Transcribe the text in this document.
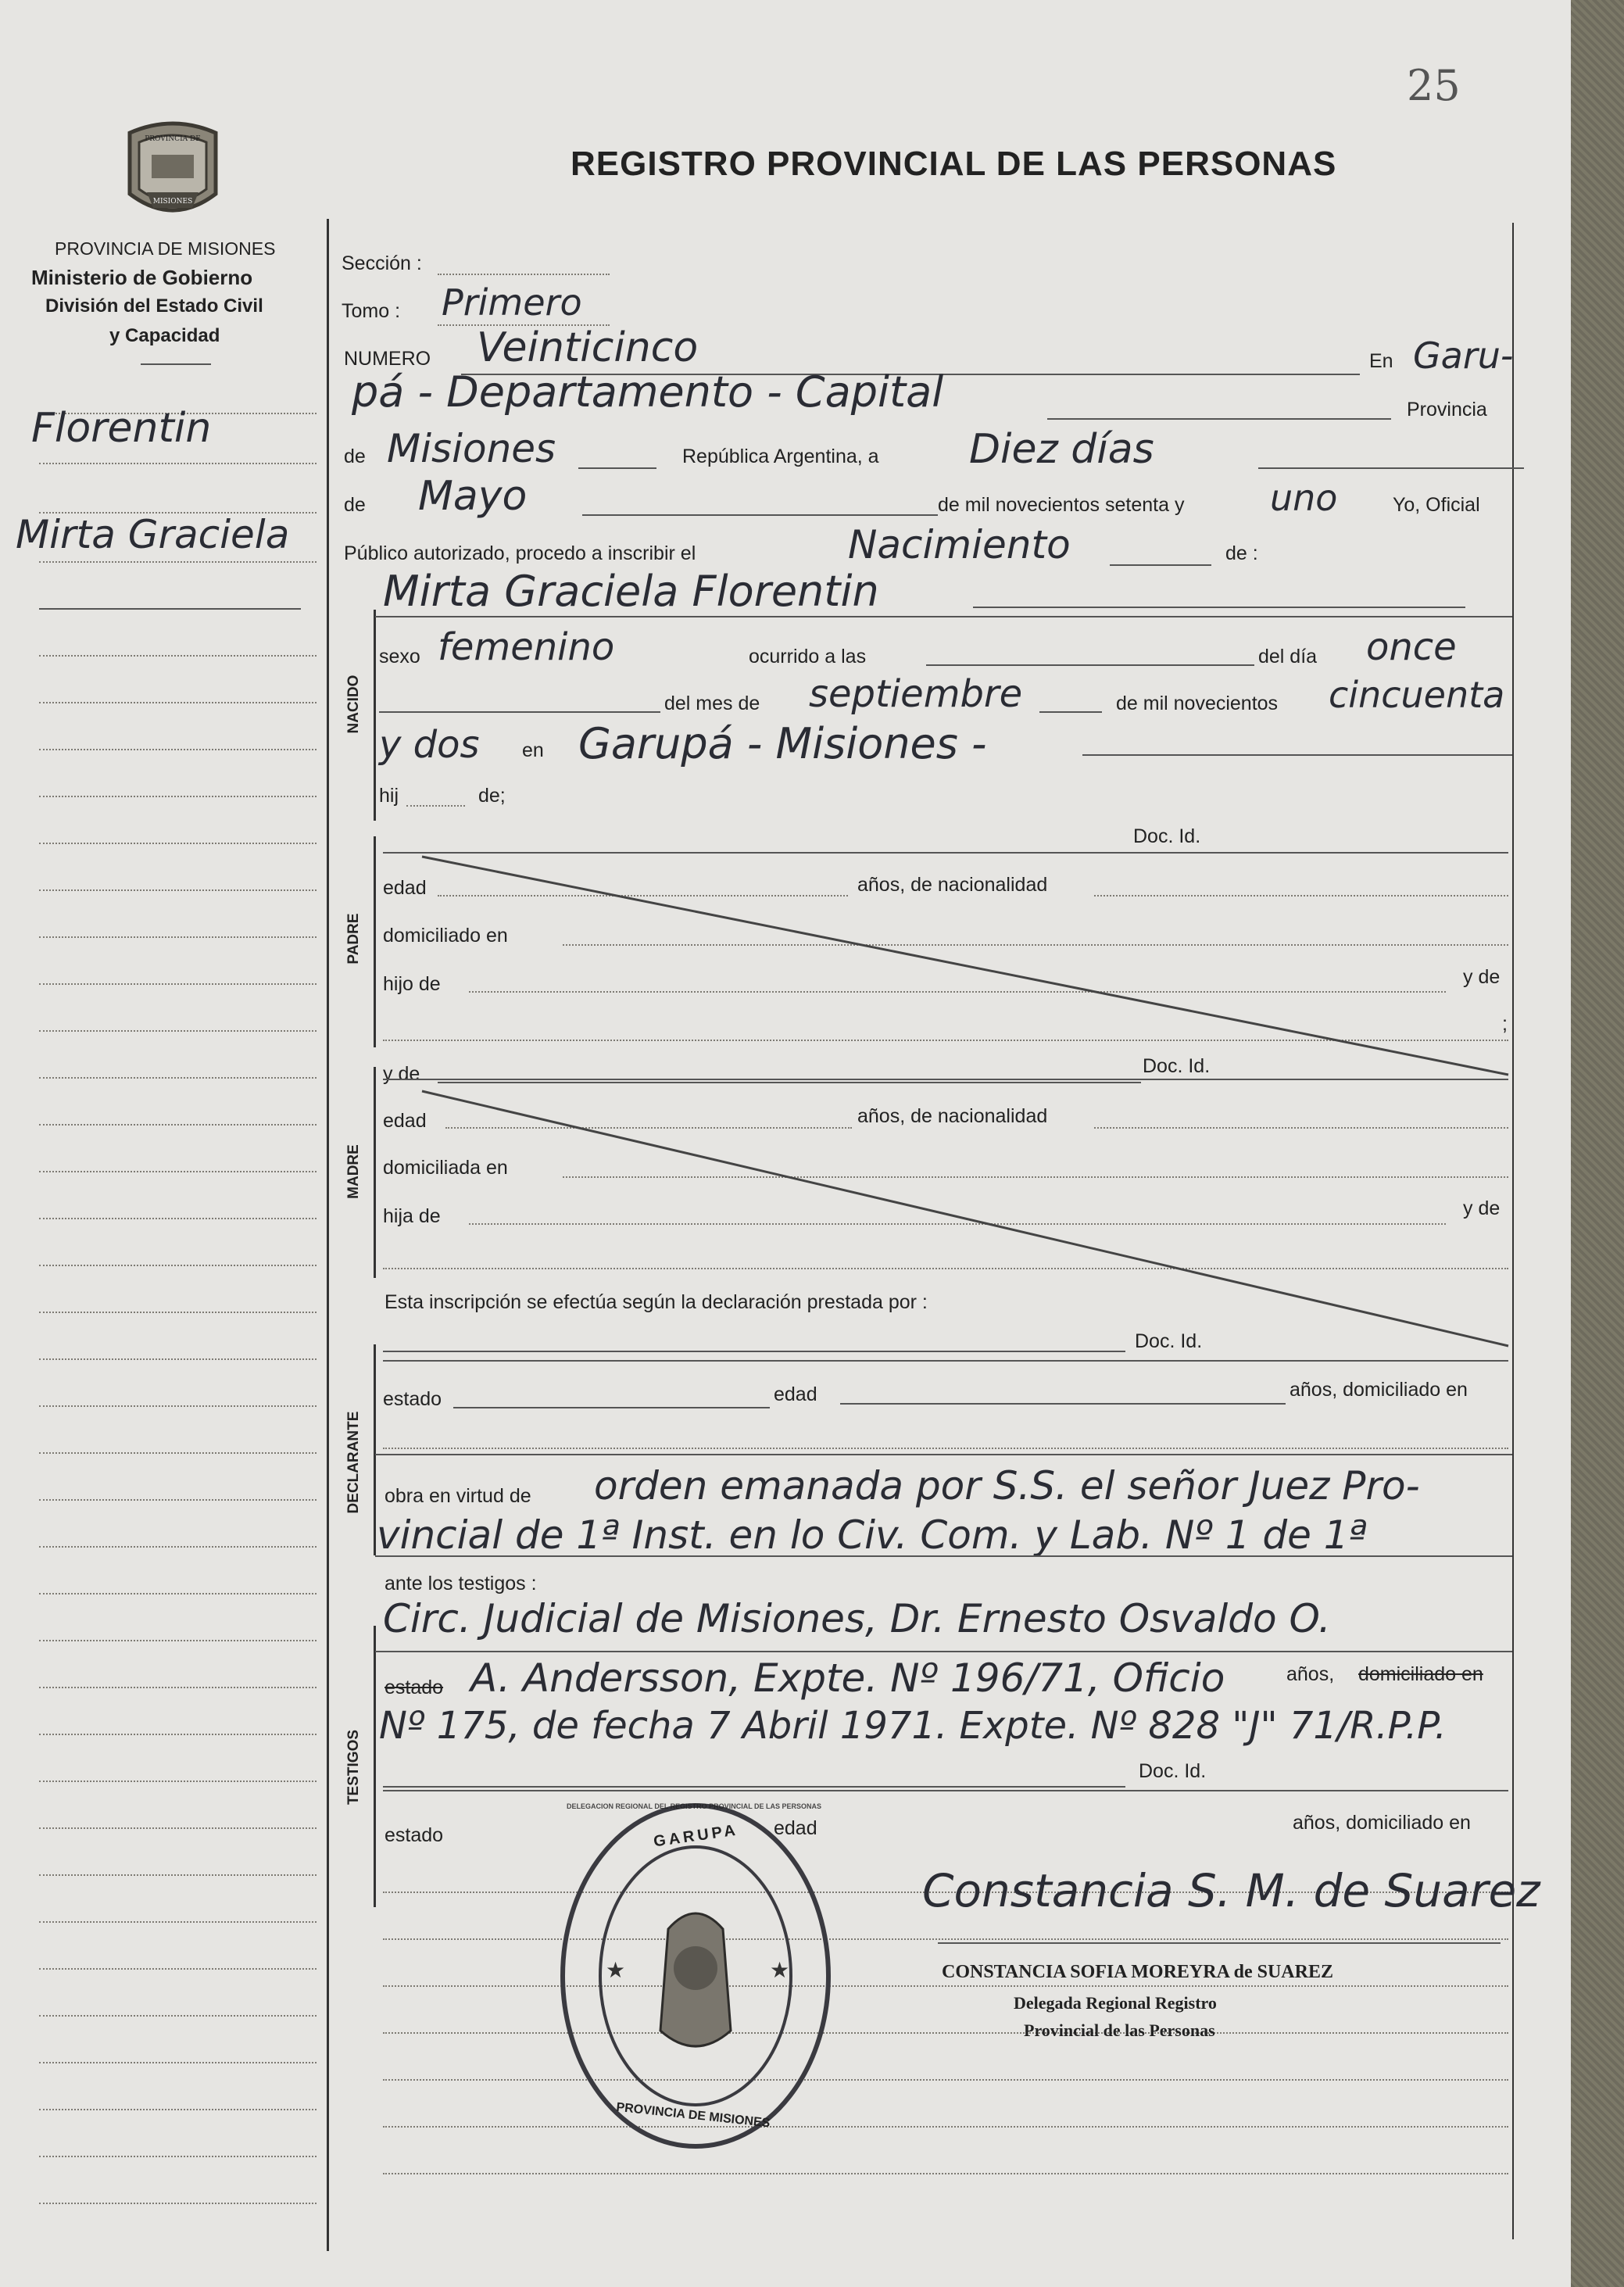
25
PROVINCIA DE
MISIONES
PROVINCIA DE MISIONES
Ministerio de Gobierno
División del Estado Civil
y Capacidad
REGISTRO PROVINCIAL DE LAS PERSONAS
Florentin
Mirta Graciela
NACIDO
PADRE
MADRE
DECLARANTE
TESTIGOS
Sección :
Tomo : Primero
NUMERO Veinticinco	En Garu-
pá - Departamento - Capital	Provincia
de Misiones	República Argentina, a Diez días
de Mayo	de mil novecientos setenta y uno	Yo, Oficial
Público autorizado, procedo a inscribir el	Nacimiento	de :
Mirta Graciela Florentin
sexo femenino	ocurrido a las	del día once
del mes de septiembre	de mil novecientos cincuenta
y dos en Garupá - Misiones -
hij	de;
Doc. Id.
edad	años, de nacionalidad
domiciliado en
hijo de	y de
;
y de	Doc. Id.
edad	años, de nacionalidad
domiciliada en
hija de	y de
Esta inscripción se efectúa según la declaración prestada por :
Doc. Id.
estado	edad	años, domiciliado en
obra en virtud de orden emanada por S.S. el señor Juez Pro-
vincial de 1ª Inst. en lo Civ. Com. y Lab. Nº 1 de 1ª
ante los testigos :
Circ. Judicial de Misiones, Dr. Ernesto Osvaldo O.
estado A. Andersson, Expte. Nº 196/71, Oficio	años, domiciliado en
Nº 175, de fecha 7 Abril 1971. Expte. Nº 828 "J" 71/R.P.P.
Doc. Id.
estado	edad	años, domiciliado en
★	★
GARUPA
DELEGACION REGIONAL DEL REGISTRO PROVINCIAL DE LAS PERSONAS
PROVINCIA DE MISIONES
Constancia S. M. de Suarez
CONSTANCIA SOFIA MOREYRA de SUAREZ
Delegada Regional Registro
Provincial de las Personas
